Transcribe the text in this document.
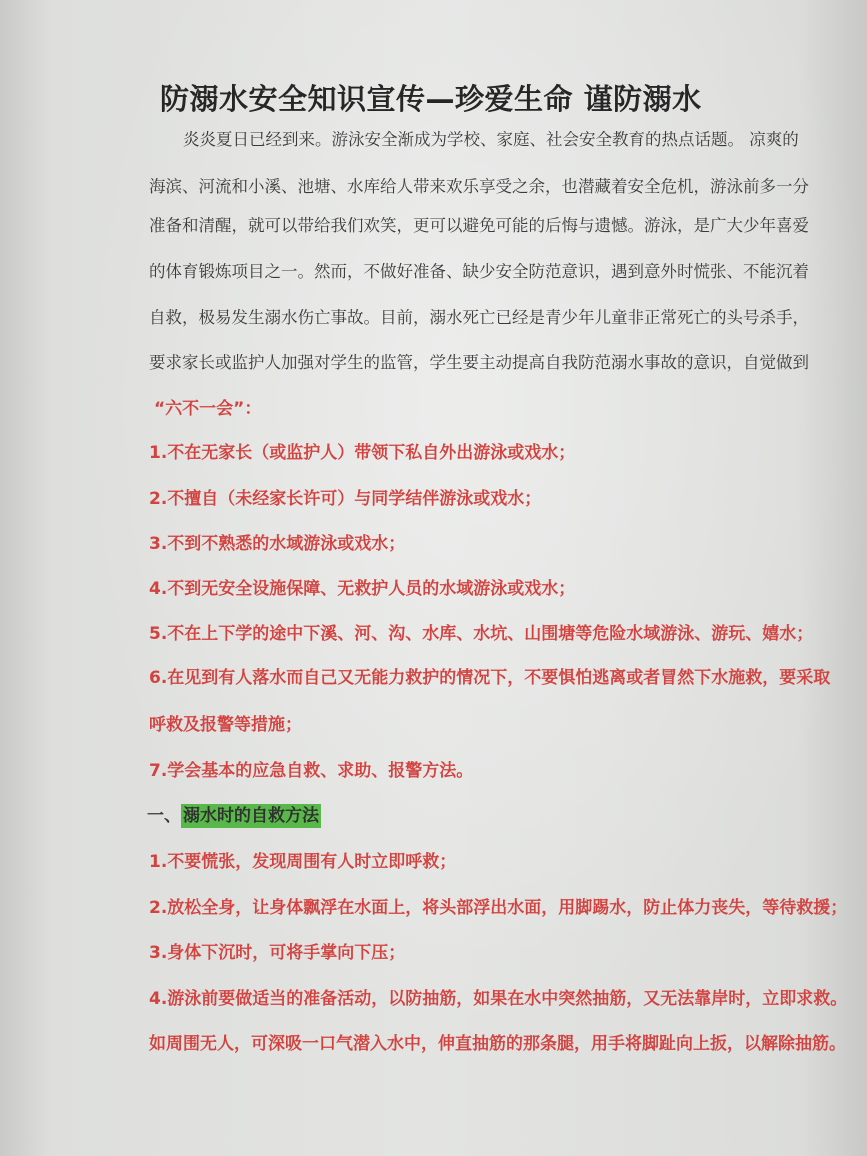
防溺水安全知识宣传—珍爱生命 谨防溺水
炎炎夏日已经到来。游泳安全渐成为学校、家庭、社会安全教育的热点话题。 凉爽的
海滨、河流和小溪、池塘、水库给人带来欢乐享受之余，也潜藏着安全危机，游泳前多一分
准备和清醒，就可以带给我们欢笑，更可以避免可能的后悔与遗憾。游泳，是广大少年喜爱
的体育锻炼项目之一。然而，不做好准备、缺少安全防范意识，遇到意外时慌张、不能沉着
自救，极易发生溺水伤亡事故。目前，溺水死亡已经是青少年儿童非正常死亡的头号杀手，
要求家长或监护人加强对学生的监管，学生要主动提高自我防范溺水事故的意识，自觉做到
“六不一会”：
1.不在无家长（或监护人）带领下私自外出游泳或戏水；
2.不擅自（未经家长许可）与同学结伴游泳或戏水；
3.不到不熟悉的水域游泳或戏水；
4.不到无安全设施保障、无救护人员的水域游泳或戏水；
5.不在上下学的途中下溪、河、沟、水库、水坑、山围塘等危险水域游泳、游玩、嬉水；
6.在见到有人落水而自己又无能力救护的情况下，不要惧怕逃离或者冒然下水施救，要采取
呼救及报警等措施；
7.学会基本的应急自救、求助、报警方法。
一、 溺水时的自救方法
1.不要慌张，发现周围有人时立即呼救；
2.放松全身，让身体飘浮在水面上，将头部浮出水面，用脚踢水，防止体力丧失，等待救援；
3.身体下沉时，可将手掌向下压；
4.游泳前要做适当的准备活动，以防抽筋，如果在水中突然抽筋，又无法靠岸时，立即求救。
如周围无人，可深吸一口气潜入水中，伸直抽筋的那条腿，用手将脚趾向上扳，以解除抽筋。
